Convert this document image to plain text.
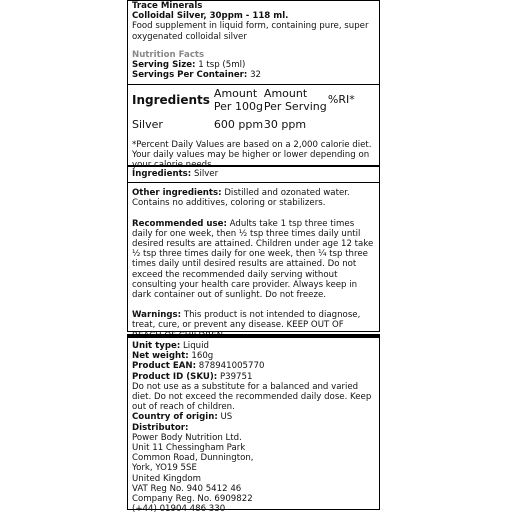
Trace Minerals
Colloidal Silver, 30ppm - 118 ml.
Food supplement in liquid form, containing pure, super oxygenated colloidal silver
Nutrition Facts
Serving Size: 1 tsp (5ml)
Servings Per Container: 32
Ingredients	Amount Per 100g	Amount Per Serving	%RI*
Silver	600 ppm	30 ppm	
*Percent Daily Values are based on a 2,000 calorie diet. Your daily values may be higher or lower depending on your calorie needs.

Ingredients: Silver

Other ingredients: Distilled and ozonated water. Contains no additives, coloring or stabilizers.

Recommended use: Adults take 1 tsp three times daily for one week, then ½ tsp three times daily until desired results are attained. Children under age 12 take ½ tsp three times daily for one week, then ¼ tsp three times daily until desired results are attained. Do not exceed the recommended daily serving without consulting your health care provider. Always keep in dark container out of sunlight. Do not freeze.

Warnings: This product is not intended to diagnose, treat, cure, or prevent any disease. KEEP OUT OF REACH OF CHILDREN.

Unit type: Liquid
Net weight: 160g
Product EAN: 878941005770
Product ID (SKU): P39751
Do not use as a substitute for a balanced and varied diet. Do not exceed the recommended daily dose. Keep out of reach of children.
Country of origin: US
Distributor:
Power Body Nutrition Ltd.
Unit 11 Chessingham Park
Common Road, Dunnington,
York, YO19 5SE
United Kingdom
VAT Reg No. 940 5412 46
Company Reg. No. 6909822
(+44) 01904 486 330
